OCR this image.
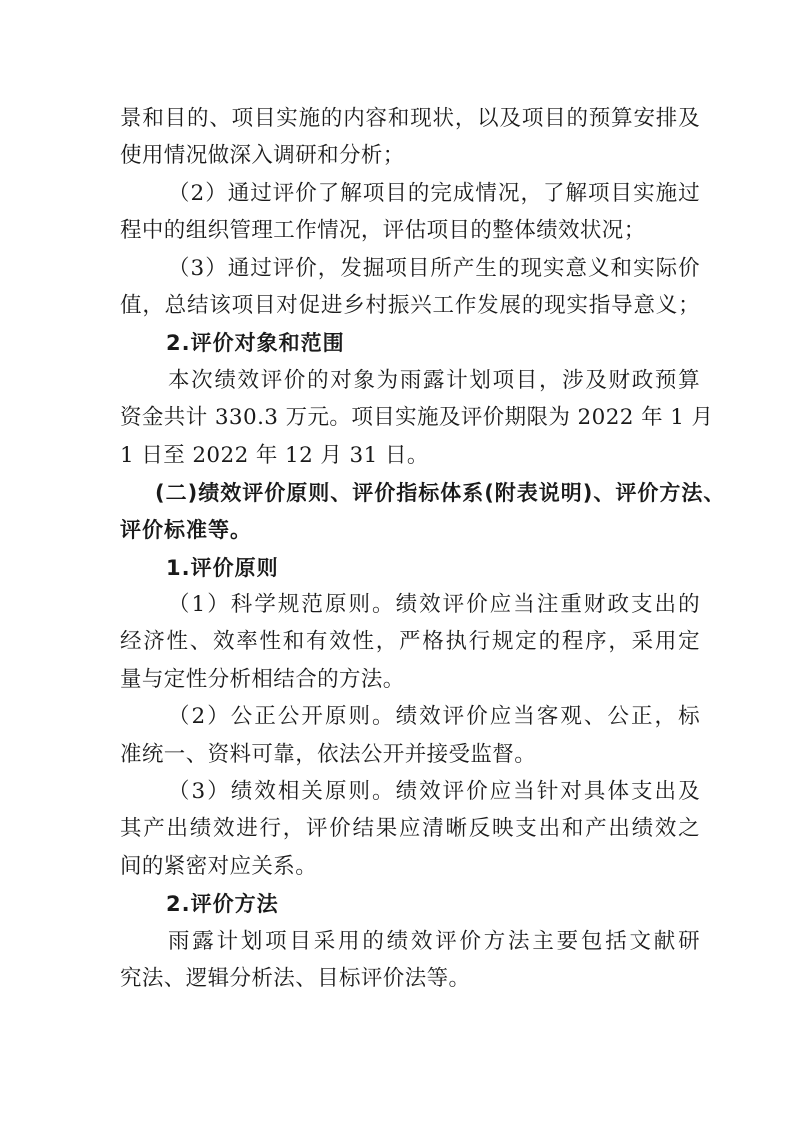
景和目的、项目实施的内容和现状，以及项目的预算安排及
使用情况做深入调研和分析；
（2）通过评价了解项目的完成情况，了解项目实施过
程中的组织管理工作情况，评估项目的整体绩效状况；
（3）通过评价，发掘项目所产生的现实意义和实际价
值，总结该项目对促进乡村振兴工作发展的现实指导意义；
2.评价对象和范围
本次绩效评价的对象为雨露计划项目，涉及财政预算
资金共计 330.3 万元。项目实施及评价期限为 2022 年 1 月
1 日至 2022 年 12 月 31 日。
(二)绩效评价原则、评价指标体系(附表说明)、评价方法、
评价标准等。
1.评价原则
（1）科学规范原则。绩效评价应当注重财政支出的
经济性、效率性和有效性，严格执行规定的程序，采用定
量与定性分析相结合的方法。
（2）公正公开原则。绩效评价应当客观、公正，标
准统一、资料可靠，依法公开并接受监督。
（3）绩效相关原则。绩效评价应当针对具体支出及
其产出绩效进行，评价结果应清晰反映支出和产出绩效之
间的紧密对应关系。
2.评价方法
雨露计划项目采用的绩效评价方法主要包括文献研
究法、逻辑分析法、目标评价法等。
